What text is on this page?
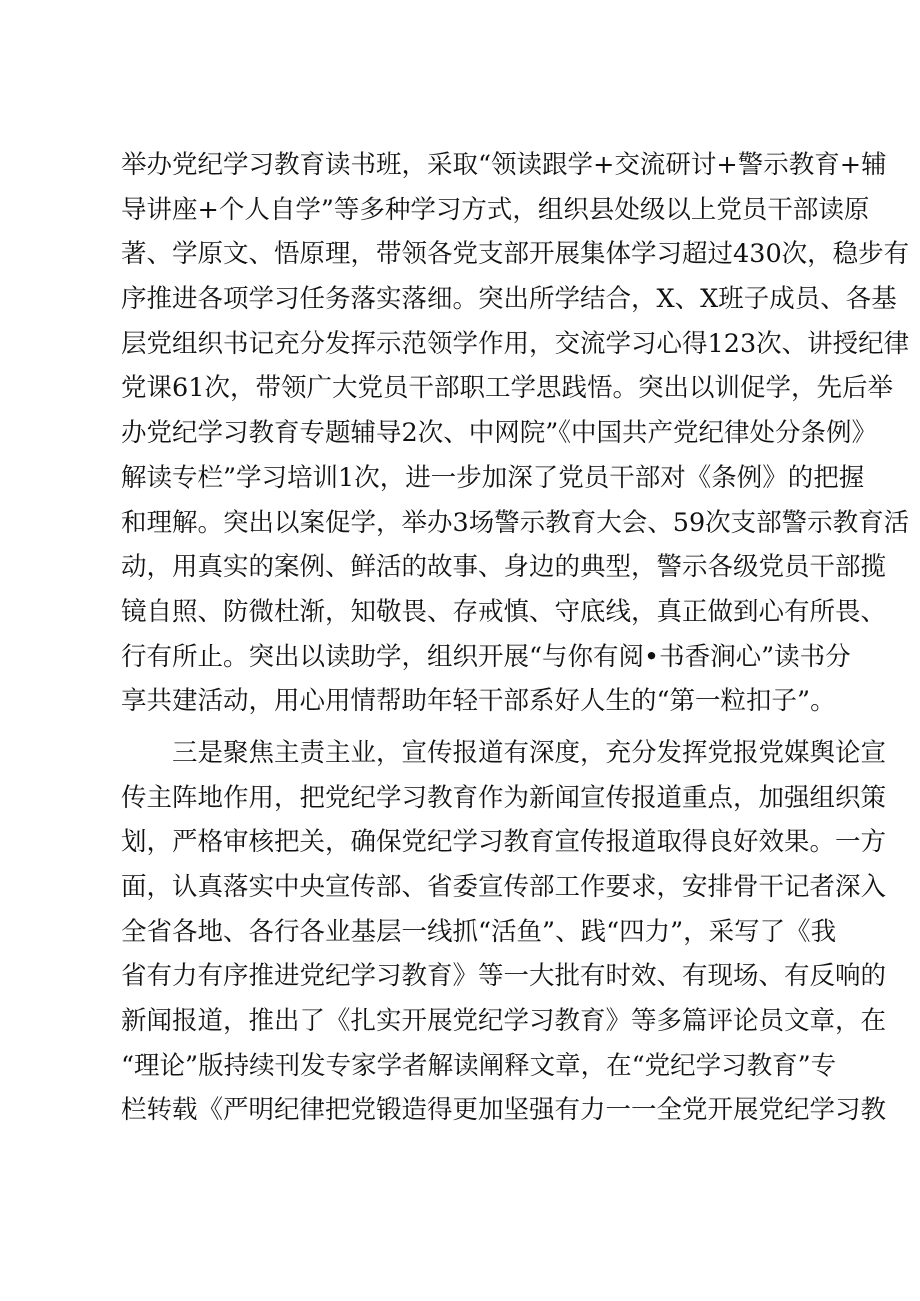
举办党纪学习教育读书班，采取“领读跟学+交流研讨+警示教育+辅
导讲座+个人自学”等多种学习方式，组织县处级以上党员干部读原
著、学原文、悟原理，带领各党支部开展集体学习超过430次，稳步有
序推进各项学习任务落实落细。突出所学结合，X、X班子成员、各基
层党组织书记充分发挥示范领学作用，交流学习心得123次、讲授纪律
党课61次，带领广大党员干部职工学思践悟。突出以训促学，先后举
办党纪学习教育专题辅导2次、中网院”《中国共产党纪律处分条例》
解读专栏”学习培训1次，进一步加深了党员干部对《条例》的把握
和理解。突出以案促学，举办3场警示教育大会、59次支部警示教育活
动，用真实的案例、鲜活的故事、身边的典型，警示各级党员干部揽
镜自照、防微杜渐，知敬畏、存戒慎、守底线，真正做到心有所畏、
行有所止。突出以读助学，组织开展“与你有阅•书香涧心”读书分
享共建活动，用心用情帮助年轻干部系好人生的“第一粒扣子”。
三是聚焦主责主业，宣传报道有深度，充分发挥党报党媒舆论宣
传主阵地作用，把党纪学习教育作为新闻宣传报道重点，加强组织策
划，严格审核把关，确保党纪学习教育宣传报道取得良好效果。一方
面，认真落实中央宣传部、省委宣传部工作要求，安排骨干记者深入
全省各地、各行各业基层一线抓“活鱼”、践“四力”，采写了《我
省有力有序推进党纪学习教育》等一大批有时效、有现场、有反响的
新闻报道，推出了《扎实开展党纪学习教育》等多篇评论员文章，在
“理论”版持续刊发专家学者解读阐释文章，在“党纪学习教育”专
栏转载《严明纪律把党锻造得更加坚强有力一一全党开展党纪学习教
